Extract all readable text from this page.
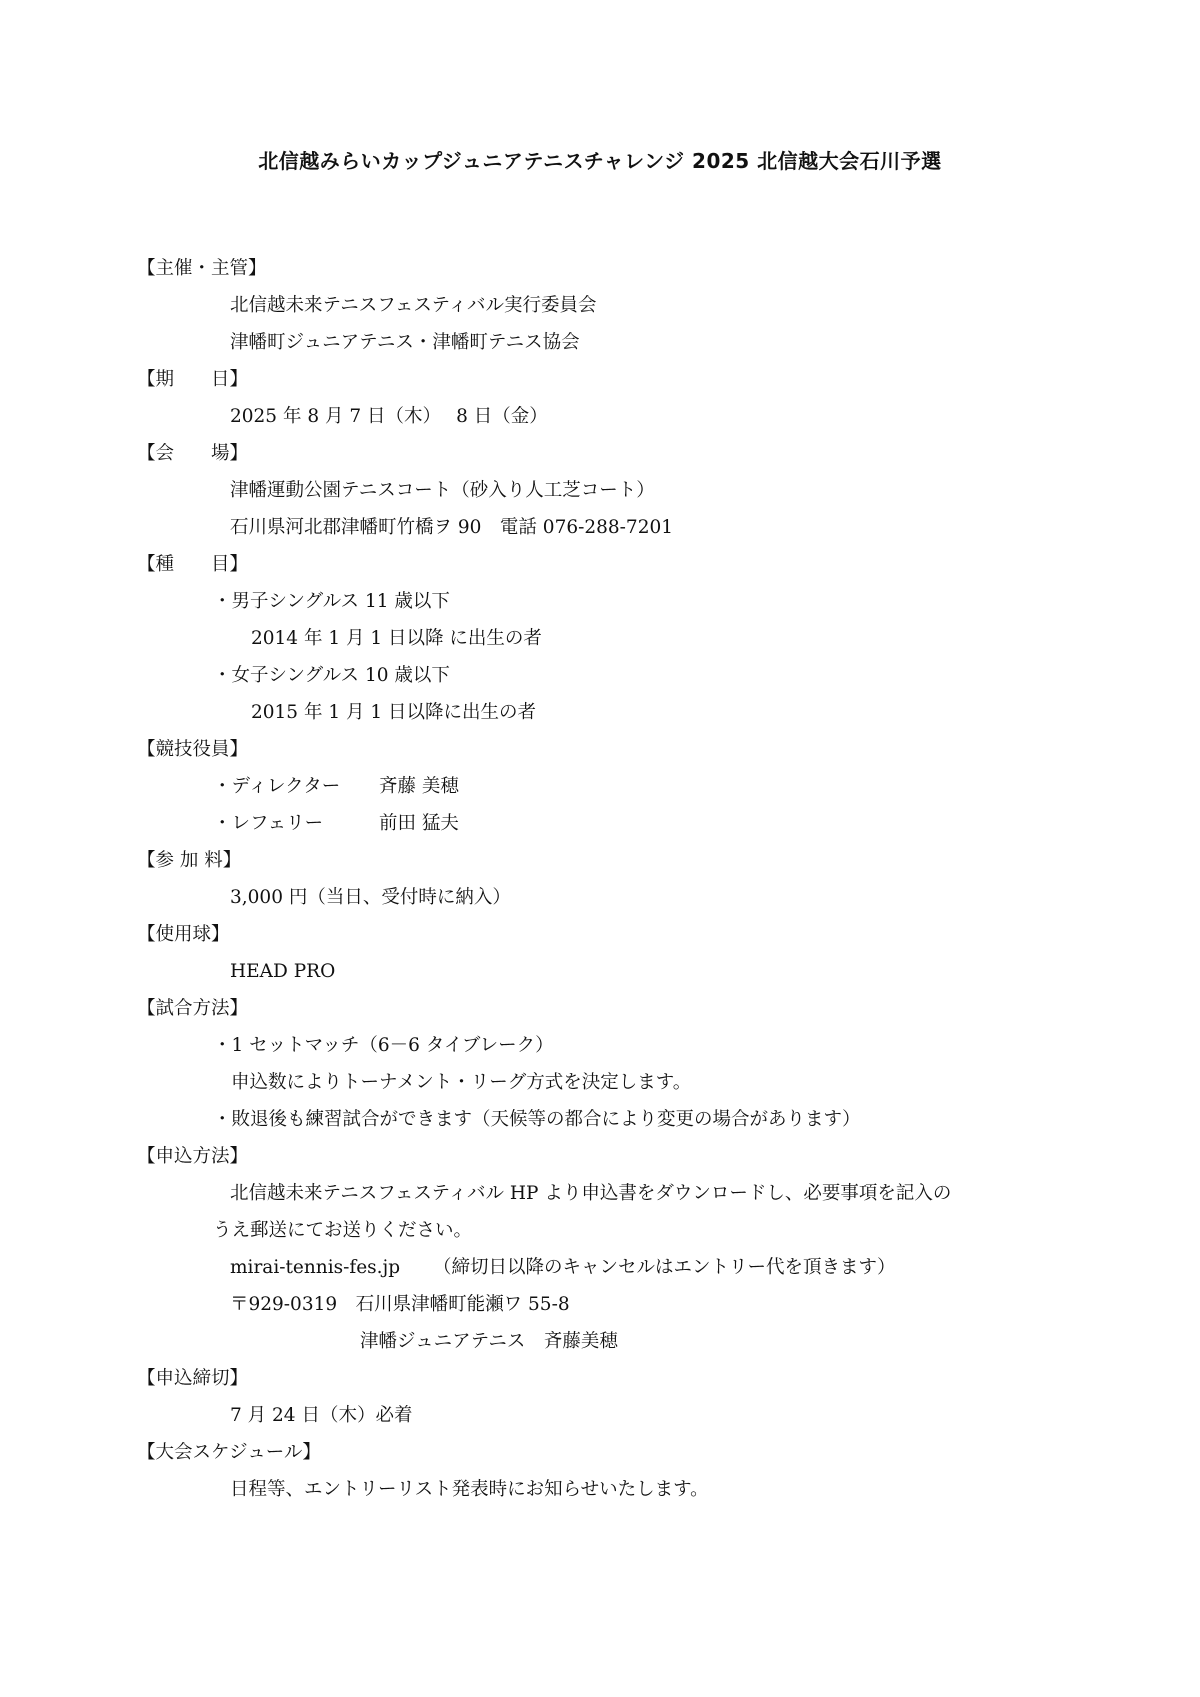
北信越みらいカップジュニアテニスチャレンジ 2025 北信越大会石川予選
【主催・主管】
北信越未来テニスフェスティバル実行委員会
津幡町ジュニアテニス・津幡町テニス協会
【期　　日】
2025 年 8 月 7 日（木）　 8 日（金）
【会　　場】
津幡運動公園テニスコート（砂入り人工芝コート）
石川県河北郡津幡町竹橋ヲ 90　電話 076-288-7201
【種　　目】
・男子シングルス 11 歳以下
2014 年 1 月 1 日以降 に出生の者
・女子シングルス 10 歳以下
2015 年 1 月 1 日以降に出生の者
【競技役員】
・ディレクター 斉藤 美穂
・レフェリー	前田 猛夫
【参 加 料】
3,000 円（当日、受付時に納入）
【使用球】
HEAD PRO
【試合方法】
・1 セットマッチ（6－6 タイブレーク）
申込数によりトーナメント・リーグ方式を決定します。
・敗退後も練習試合ができます（天候等の都合により変更の場合があります）
【申込方法】
北信越未来テニスフェスティバル HP より申込書をダウンロードし、必要事項を記入の
うえ郵送にてお送りください。
mirai-tennis-fes.jp （締切日以降のキャンセルはエントリー代を頂きます）
〒929-0319　石川県津幡町能瀬ワ 55-8
津幡ジュニアテニス　斉藤美穂
【申込締切】
7 月 24 日（木）必着
【大会スケジュール】
日程等、エントリーリスト発表時にお知らせいたします。
